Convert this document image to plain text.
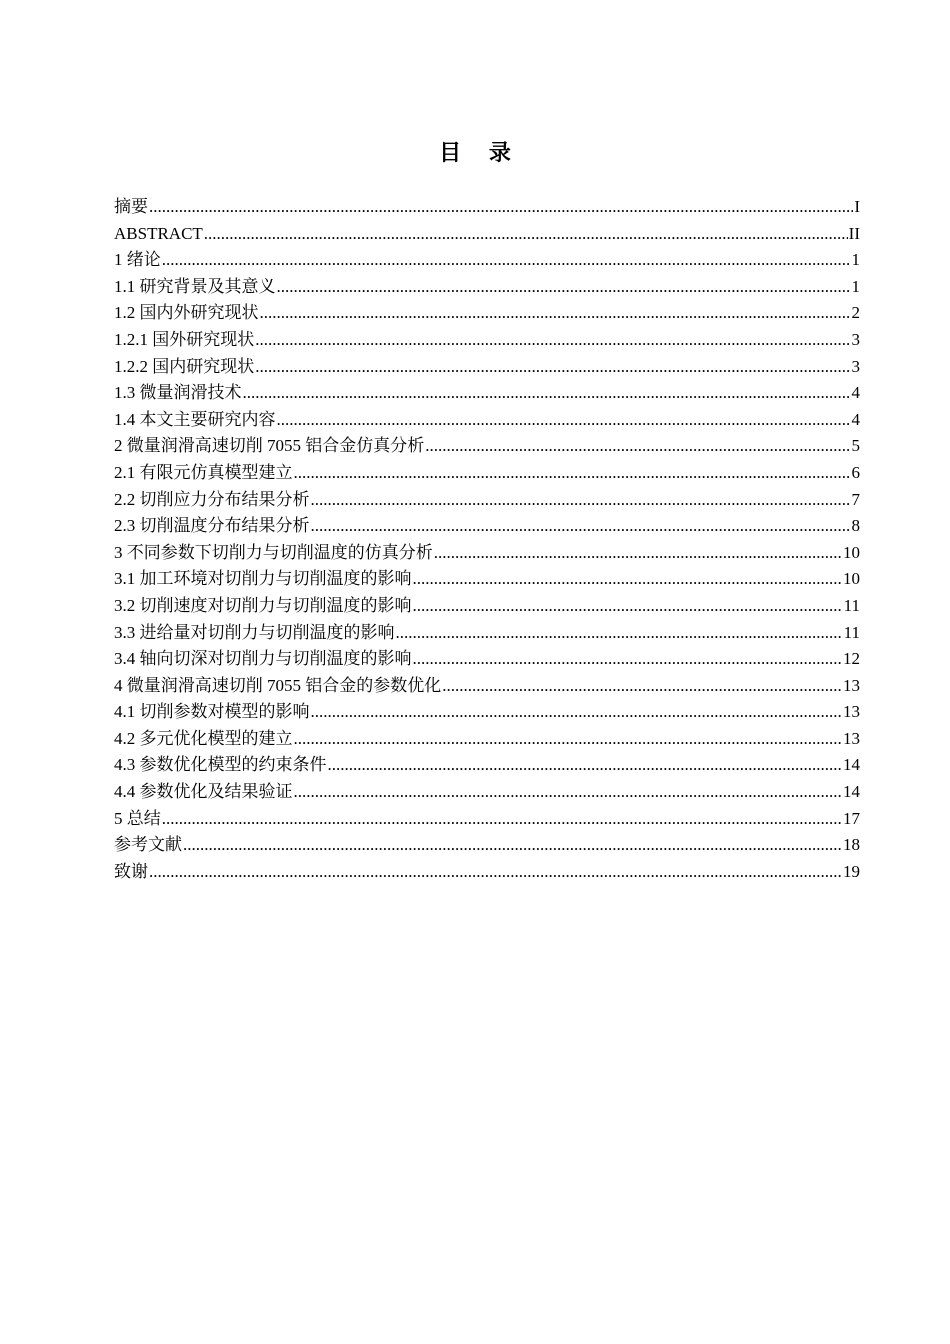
目 录
摘要 .....	I
ABSTRACT .....	II
1 绪论 .....	1
1.1 研究背景及其意义 .....	1
1.2 国内外研究现状 .....	2
1.2.1 国外研究现状 .....	3
1.2.2 国内研究现状 .....	3
1.3 微量润滑技术 .....	4
1.4 本文主要研究内容 .....	4
2 微量润滑高速切削 7055 铝合金仿真分析 .....	5
2.1 有限元仿真模型建立 .....	6
2.2 切削应力分布结果分析 .....	7
2.3 切削温度分布结果分析 .....	8
3 不同参数下切削力与切削温度的仿真分析 .....	10
3.1 加工环境对切削力与切削温度的影响 .....	10
3.2 切削速度对切削力与切削温度的影响 .....	11
3.3 进给量对切削力与切削温度的影响 .....	11
3.4 轴向切深对切削力与切削温度的影响 .....	12
4 微量润滑高速切削 7055 铝合金的参数优化 .....	13
4.1 切削参数对模型的影响 .....	13
4.2 多元优化模型的建立 .....	13
4.3 参数优化模型的约束条件 .....	14
4.4 参数优化及结果验证 .....	14
5 总结 .....	17
参考文献 .....	18
致谢 .....	19
